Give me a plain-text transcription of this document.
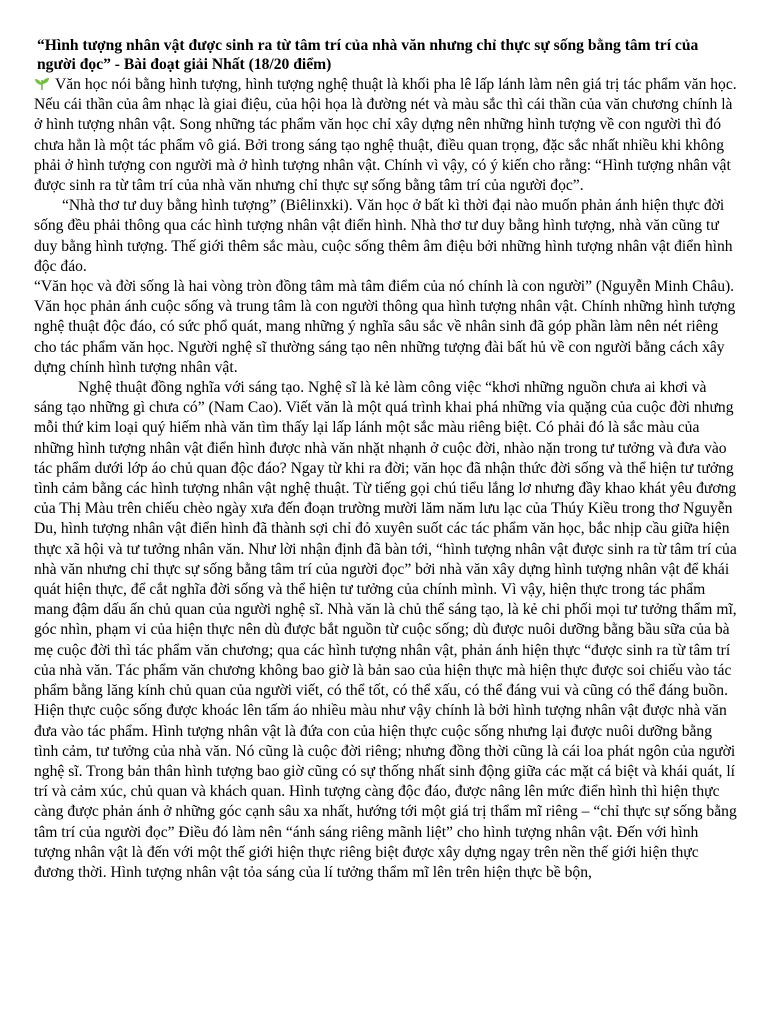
“Hình tượng nhân vật được sinh ra từ tâm trí của nhà văn nhưng chỉ thực sự sống bằng tâm trí của người đọc” - Bài đoạt giải Nhất (18/20 điểm)

Văn học nói bằng hình tượng, hình tượng nghệ thuật là khối pha lê lấp lánh làm nên giá trị tác phẩm văn học. Nếu cái thần của âm nhạc là giai điệu, của hội họa là đường nét và màu sắc thì cái thần của văn chương chính là ở hình tượng nhân vật. Song những tác phẩm văn học chỉ xây dựng nên những hình tượng về con người thì đó chưa hẳn là một tác phẩm vô giá. Bởi trong sáng tạo nghệ thuật, điều quan trọng, đặc sắc nhất nhiều khi không phải ở hình tượng con người mà ở hình tượng nhân vật. Chính vì vậy, có ý kiến cho rằng: “Hình tượng nhân vật được sinh ra từ tâm trí của nhà văn nhưng chỉ thực sự sống bằng tâm trí của người đọc”.

“Nhà thơ tư duy bằng hình tượng” (Biêlinxki). Văn học ở bất kì thời đại nào muốn phản ánh hiện thực đời sống đều phải thông qua các hình tượng nhân vật điển hình. Nhà thơ tư duy bằng hình tượng, nhà văn cũng tư duy bằng hình tượng. Thế giới thêm sắc màu, cuộc sống thêm âm điệu bởi những hình tượng nhân vật điển hình độc đáo.

“Văn học và đời sống là hai vòng tròn đồng tâm mà tâm điểm của nó chính là con người” (Nguyễn Minh Châu). Văn học phản ánh cuộc sống và trung tâm là con người thông qua hình tượng nhân vật. Chính những hình tượng nghệ thuật độc đáo, có sức phổ quát, mang những ý nghĩa sâu sắc về nhân sinh đã góp phần làm nên nét riêng cho tác phẩm văn học. Người nghệ sĩ thường sáng tạo nên những tượng đài bất hủ về con người bằng cách xây dựng chính hình tượng nhân vật.

Nghệ thuật đồng nghĩa với sáng tạo. Nghệ sĩ là kẻ làm công việc “khơi những nguồn chưa ai khơi và sáng tạo những gì chưa có” (Nam Cao). Viết văn là một quá trình khai phá những vỉa quặng của cuộc đời nhưng mỗi thứ kim loại quý hiếm nhà văn tìm thấy lại lấp lánh một sắc màu riêng biệt. Có phải đó là sắc màu của những hình tượng nhân vật điển hình được nhà văn nhặt nhạnh ở cuộc đời, nhào nặn trong tư tưởng và đưa vào tác phẩm dưới lớp áo chủ quan độc đáo? Ngay từ khi ra đời; văn học đã nhận thức đời sống và thể hiện tư tưởng tình cảm bằng các hình tượng nhân vật nghệ thuật. Từ tiếng gọi chú tiểu lắng lơ nhưng đầy khao khát yêu đương của Thị Màu trên chiếu chèo ngày xưa đến đoạn trường mười lăm năm lưu lạc của Thúy Kiều trong thơ Nguyễn Du, hình tượng nhân vật điển hình đã thành sợi chỉ đỏ xuyên suốt các tác phẩm văn học, bắc nhịp cầu giữa hiện thực xã hội và tư tưởng nhân văn. Như lời nhận định đã bàn tới, “hình tượng nhân vật được sinh ra từ tâm trí của nhà văn nhưng chỉ thực sự sống bằng tâm trí của người đọc” bởi nhà văn xây dựng hình tượng nhân vật để khái quát hiện thực, để cắt nghĩa đời sống và thể hiện tư tưởng của chính mình. Vì vậy, hiện thực trong tác phẩm mang đậm dấu ấn chủ quan của người nghệ sĩ. Nhà văn là chủ thể sáng tạo, là kẻ chi phối mọi tư tưởng thẩm mĩ, góc nhìn, phạm vi của hiện thực nên dù được bắt nguồn từ cuộc sống; dù được nuôi dưỡng bằng bầu sữa của bà mẹ cuộc đời thì tác phẩm văn chương; qua các hình tượng nhân vật, phản ánh hiện thực “được sinh ra từ tâm trí của nhà văn. Tác phẩm văn chương không bao giờ là bản sao của hiện thực mà hiện thực được soi chiếu vào tác phẩm bằng lăng kính chủ quan của người viết, có thể tốt, có thể xấu, có thể đáng vui và cũng có thể đáng buồn. Hiện thực cuộc sống được khoác lên tấm áo nhiều màu như vậy chính là bởi hình tượng nhân vật được nhà văn đưa vào tác phẩm. Hình tượng nhân vật là đứa con của hiện thực cuộc sống nhưng lại được nuôi dưỡng bằng tình cảm, tư tưởng của nhà văn. Nó cũng là cuộc đời riêng; nhưng đồng thời cũng là cái loa phát ngôn của người nghệ sĩ. Trong bản thân hình tượng bao giờ cũng có sự thống nhất sinh động giữa các mặt cá biệt và khái quát, lí trí và cảm xúc, chủ quan và khách quan. Hình tượng càng độc đáo, được nâng lên mức điển hình thì hiện thực càng được phản ánh ở những góc cạnh sâu xa nhất, hướng tới một giá trị thẩm mĩ riêng – “chỉ thực sự sống bằng tâm trí của người đọc” Điều đó làm nên “ánh sáng riêng mãnh liệt” cho hình tượng nhân vật. Đến với hình tượng nhân vật là đến với một thế giới hiện thực riêng biệt được xây dựng ngay trên nền thế giới hiện thực đương thời. Hình tượng nhân vật tỏa sáng của lí tưởng thẩm mĩ lên trên hiện thực bề bộn,
